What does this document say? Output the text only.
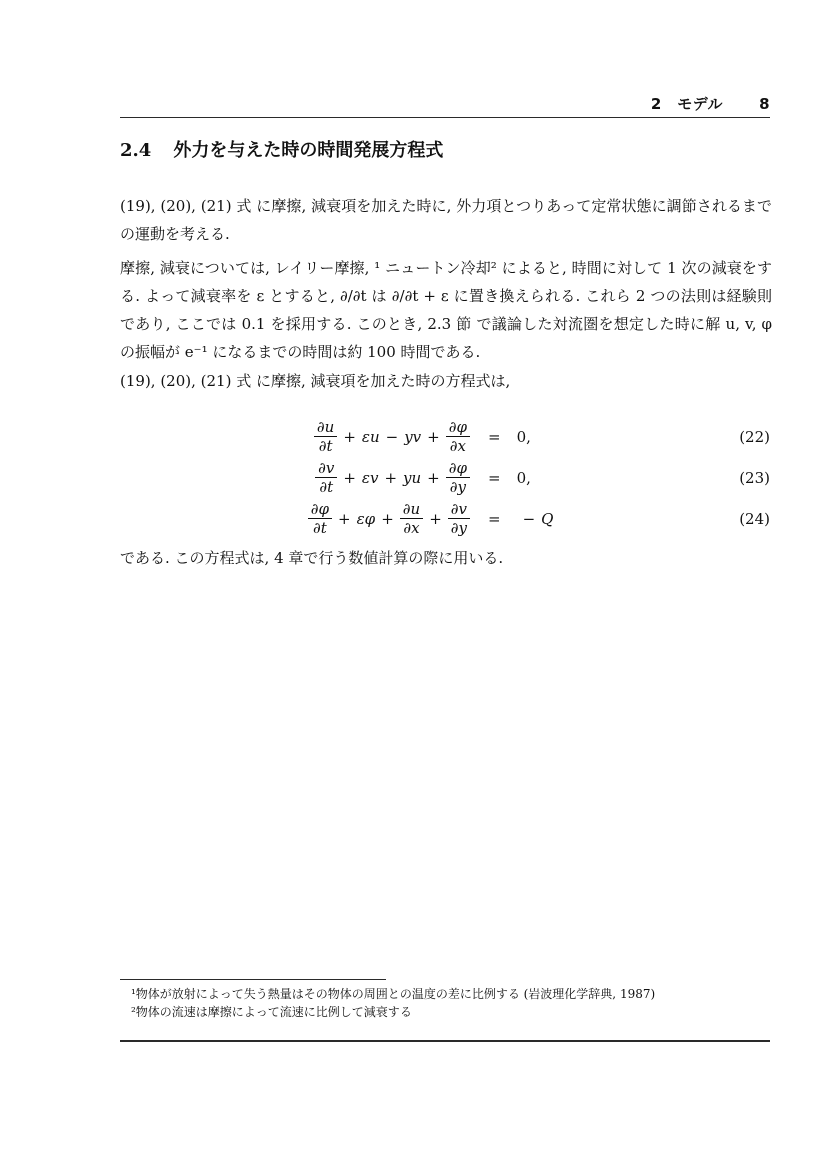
2　モデル 8
2.4 外力を与えた時の時間発展方程式

(19), (20), (21) 式 に摩擦, 減衰項を加えた時に, 外力項とつりあって定常状態に調節されるまでの運動を考える.

摩擦, 減衰については, レイリー摩擦, ¹ ニュートン冷却² によると, 時間に対して 1 次の減衰をする. よって減衰率を ε とすると, ∂/∂t は ∂/∂t + ε に置き換えられる. これら 2 つの法則は経験則であり, ここでは 0.1 を採用する. このとき, 2.3 節 で議論した対流圏を想定した時に解 u, v, φ の振幅が e⁻¹ になるまでの時間は約 100 時間である.

(19), (20), (21) 式 に摩擦, 減衰項を加えた時の方程式は,

$\frac{\partial u}{\partial t} + \varepsilon u$ − yv + $\frac{\partial\varphi}{\partial x} = 0$,	(22)
$\frac{\partial v}{\partial t} + \varepsilon v$ + yu + $\frac{\partial\varphi}{\partial y} = 0$,	(23)
$\frac{\partial\varphi}{\partial t} + \varepsilon\varphi + \frac{\partial u}{\partial x} + \frac{\partial v}{\partial y}$ = − Q	(24)

である. この方程式は, 4 章で行う数値計算の際に用いる.

¹物体が放射によって失う熱量はその物体の周囲との温度の差に比例する (岩波理化学辞典, 1987)

²物体の流速は摩擦によって流速に比例して減衰する
